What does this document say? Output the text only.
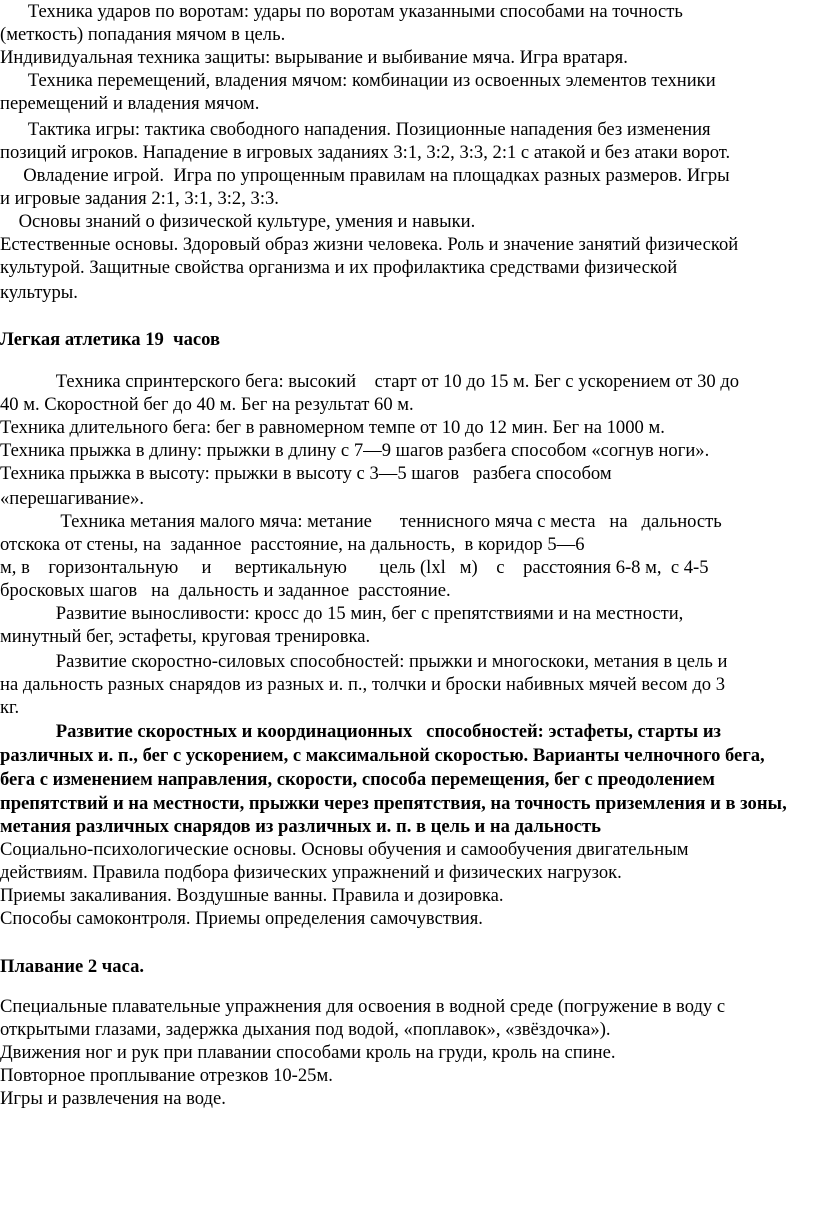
Техника ударов по воротам: удары по воротам указанными способами на точность
(меткость) попадания мячом в цель.
Индивидуальная техника защиты: вырывание и выбивание мяча. Игра вратаря.
Техника перемещений, владения мячом: комбинации из освоенных элементов техники
перемещений и владения мячом.
Тактика игры: тактика свободного нападения. Позиционные нападения без изменения
позиций игроков. Нападение в игровых заданиях 3:1, 3:2, 3:3, 2:1 с атакой и без атаки ворот.
Овладение игрой.  Игра по упрощенным правилам на площадках разных размеров. Игры
и игровые задания 2:1, 3:1, 3:2, 3:3.
Основы знаний о физической культуре, умения и навыки.
Естественные основы. Здоровый образ жизни человека. Роль и значение занятий физической
культурой. Защитные свойства организма и их профилактика средствами физической
культуры.
Легкая атлетика 19  часов
Техника спринтерского бега: высокий    старт от 10 до 15 м. Бег с ускорением от 30 до
40 м. Скоростной бег до 40 м. Бег на результат 60 м.
Техника длительного бега: бег в равномерном темпе от 10 до 12 мин. Бег на 1000 м.
Техника прыжка в длину: прыжки в длину с 7—9 шагов разбега способом «согнув ноги».
Техника прыжка в высоту: прыжки в высоту с 3—5 шагов   разбега способом
«перешагивание».
Техника метания малого мяча: метание      теннисного мяча с места   на   дальность
отскока от стены, на  заданное  расстояние, на дальность,  в коридор 5—6
м, в    горизонтальную     и     вертикальную       цель (lxl   м)    с    расстояния 6-8 м,  с 4-5
бросковых шагов   на  дальность и заданное  расстояние.
Развитие выносливости: кросс до 15 мин, бег с препятствиями и на местности,
минутный бег, эстафеты, круговая тренировка.
Развитие скоростно-силовых способностей: прыжки и многоскоки, метания в цель и
на дальность разных снарядов из разных и. п., толчки и броски набивных мячей весом до 3
кг.
Развитие скоростных и координационных   способностей: эстафеты, старты из
различных и. п., бег с ускорением, с максимальной скоростью. Варианты челночного бега,
бега с изменением направления, скорости, способа перемещения, бег с преодолением
препятствий и на местности, прыжки через препятствия, на точность приземления и в зоны,
метания различных снарядов из различных и. п. в цель и на дальность
Социально-психологические основы. Основы обучения и самообучения двигательным
действиям. Правила подбора физических упражнений и физических нагрузок.
Приемы закаливания. Воздушные ванны. Правила и дозировка.
Способы самоконтроля. Приемы определения самочувствия.
Плавание 2 часа.
Специальные плавательные упражнения для освоения в водной среде (погружение в воду с
открытыми глазами, задержка дыхания под водой, «поплавок», «звёздочка»).
Движения ног и рук при плавании способами кроль на груди, кроль на спине.
Повторное проплывание отрезков 10-25м.
Игры и развлечения на воде.
